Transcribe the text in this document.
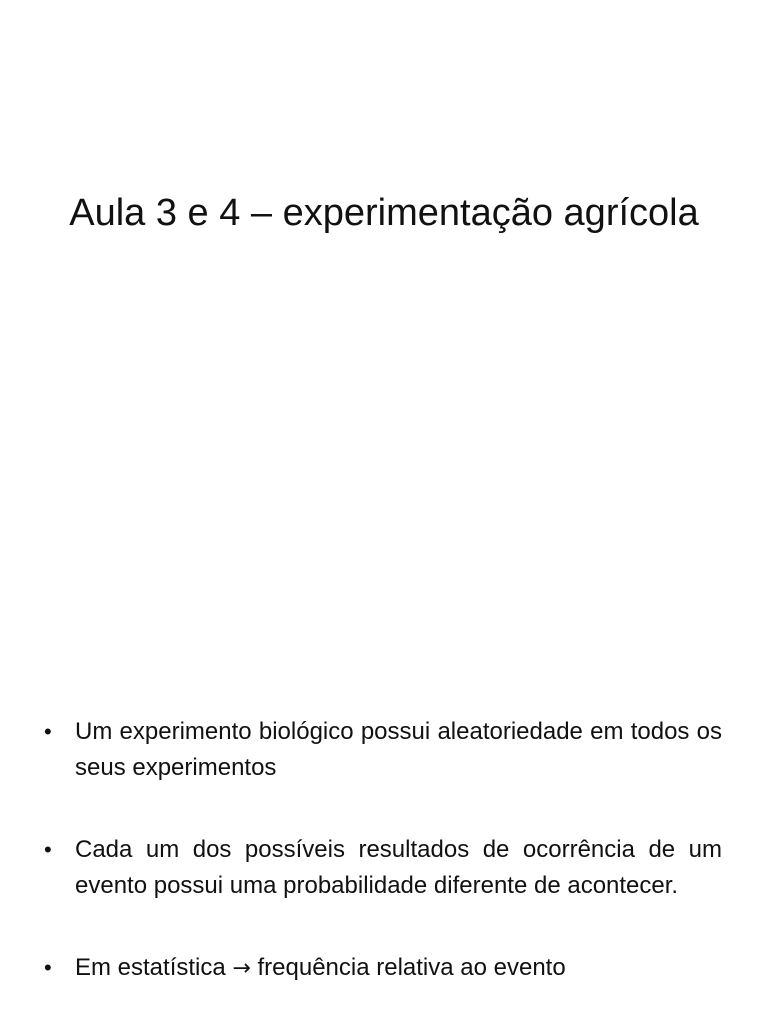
Aula 3 e 4 – experimentação agrícola
• Um experimento biológico possui aleatoriedade em todos os seus experimentos
• Cada um dos possíveis resultados de ocorrência de um evento possui uma probabilidade diferente de acontecer.
• Em estatística → frequência relativa ao evento
